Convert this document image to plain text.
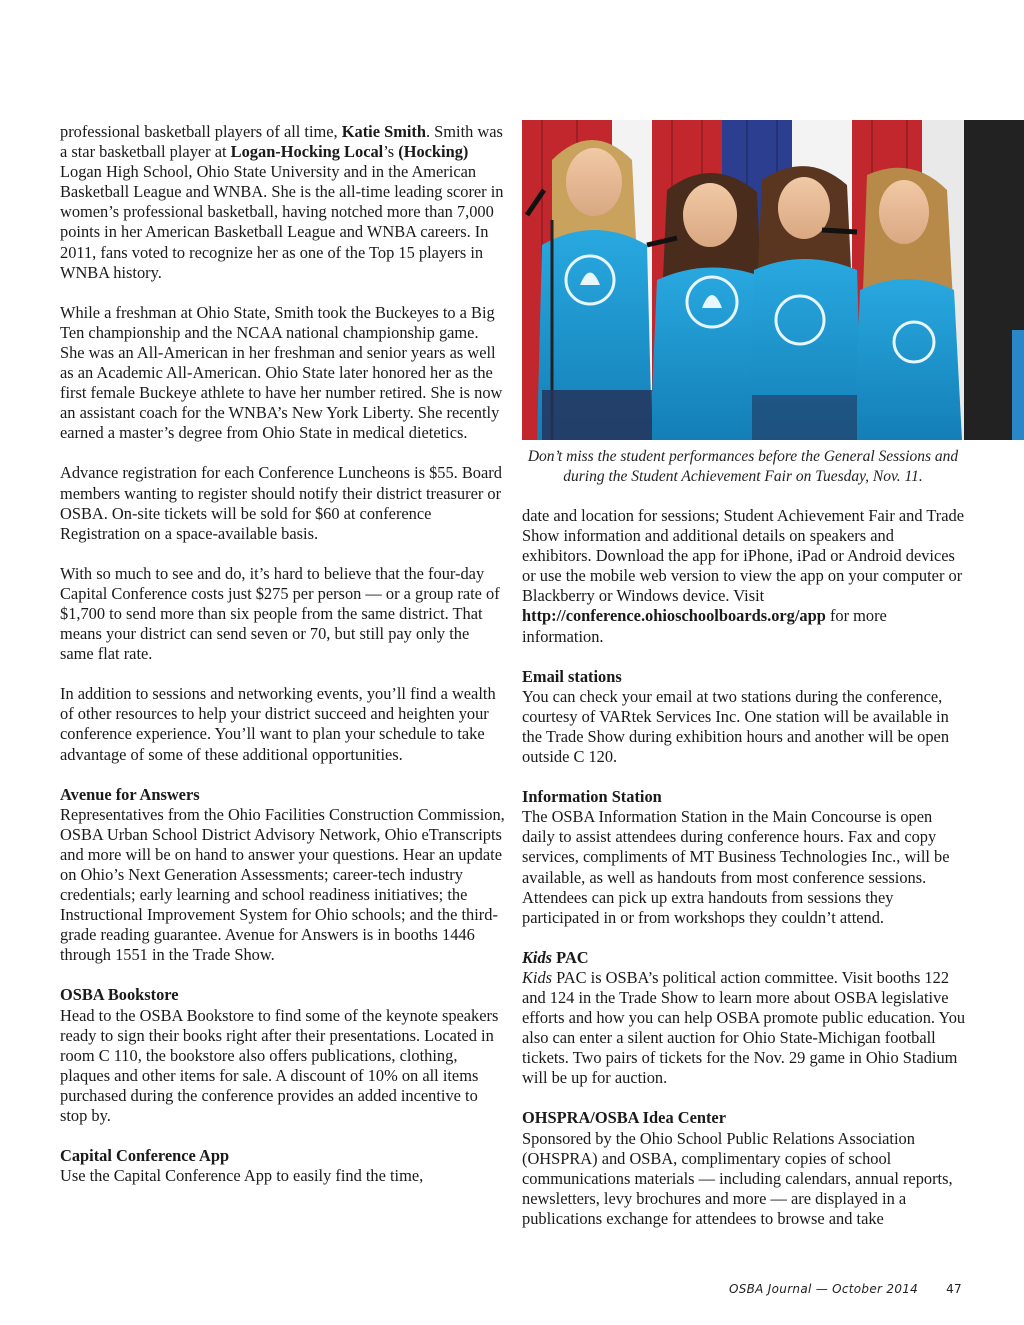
professional basketball players of all time, Katie Smith. Smith was a star basketball player at Logan-Hocking Local’s (Hocking) Logan High School, Ohio State University and in the American Basketball League and WNBA. She is the all-time leading scorer in women’s professional basketball, having notched more than 7,000 points in her American Basketball League and WNBA careers. In 2011, fans voted to recognize her as one of the Top 15 players in WNBA history.

While a freshman at Ohio State, Smith took the Buckeyes to a Big Ten championship and the NCAA national championship game. She was an All-American in her freshman and senior years as well as an Academic All-American. Ohio State later honored her as the first female Buckeye athlete to have her number retired. She is now an assistant coach for the WNBA’s New York Liberty. She recently earned a master’s degree from Ohio State in medical dietetics.

Advance registration for each Conference Luncheons is $55. Board members wanting to register should notify their district treasurer or OSBA. On-site tickets will be sold for $60 at conference Registration on a space-available basis.

With so much to see and do, it’s hard to believe that the four-day Capital Conference costs just $275 per person — or a group rate of $1,700 to send more than six people from the same district. That means your district can send seven or 70, but still pay only the same flat rate.

In addition to sessions and networking events, you’ll find a wealth of other resources to help your district succeed and heighten your conference experience. You’ll want to plan your schedule to take advantage of some of these additional opportunities.

Avenue for Answers

Representatives from the Ohio Facilities Construction Commission, OSBA Urban School District Advisory Network, Ohio eTranscripts and more will be on hand to answer your questions. Hear an update on Ohio’s Next Generation Assessments; career-tech industry credentials; early learning and school readiness initiatives; the Instructional Improvement System for Ohio schools; and the third-grade reading guarantee. Avenue for Answers is in booths 1446 through 1551 in the Trade Show.

OSBA Bookstore

Head to the OSBA Bookstore to find some of the keynote speakers ready to sign their books right after their presentations. Located in room C 110, the bookstore also offers publications, clothing, plaques and other items for sale. A discount of 10% on all items purchased during the conference provides an added incentive to stop by.

Capital Conference App

Use the Capital Conference App to easily find the time,

Don’t miss the student performances before the General Sessions and during the Student Achievement Fair on Tuesday, Nov. 11.

date and location for sessions; Student Achievement Fair and Trade Show information and additional details on speakers and exhibitors. Download the app for iPhone, iPad or Android devices or use the mobile web version to view the app on your computer or Blackberry or Windows device. Visit http://conference.ohioschoolboards.org/app for more information.

Email stations

You can check your email at two stations during the conference, courtesy of VARtek Services Inc. One station will be available in the Trade Show during exhibition hours and another will be open outside C 120.

Information Station

The OSBA Information Station in the Main Concourse is open daily to assist attendees during conference hours. Fax and copy services, compliments of MT Business Technologies Inc., will be available, as well as handouts from most conference sessions. Attendees can pick up extra handouts from sessions they participated in or from workshops they couldn’t attend.

Kids PAC

Kids PAC is OSBA’s political action committee. Visit booths 122 and 124 in the Trade Show to learn more about OSBA legislative efforts and how you can help OSBA promote public education. You also can enter a silent auction for Ohio State-Michigan football tickets. Two pairs of tickets for the Nov. 29 game in Ohio Stadium will be up for auction.

OHSPRA/OSBA Idea Center

Sponsored by the Ohio School Public Relations Association (OHSPRA) and OSBA, complimentary copies of school communications materials — including calendars, annual reports, newsletters, levy brochures and more — are displayed in a publications exchange for attendees to browse and take

OSBA Journal — October 2014 47
